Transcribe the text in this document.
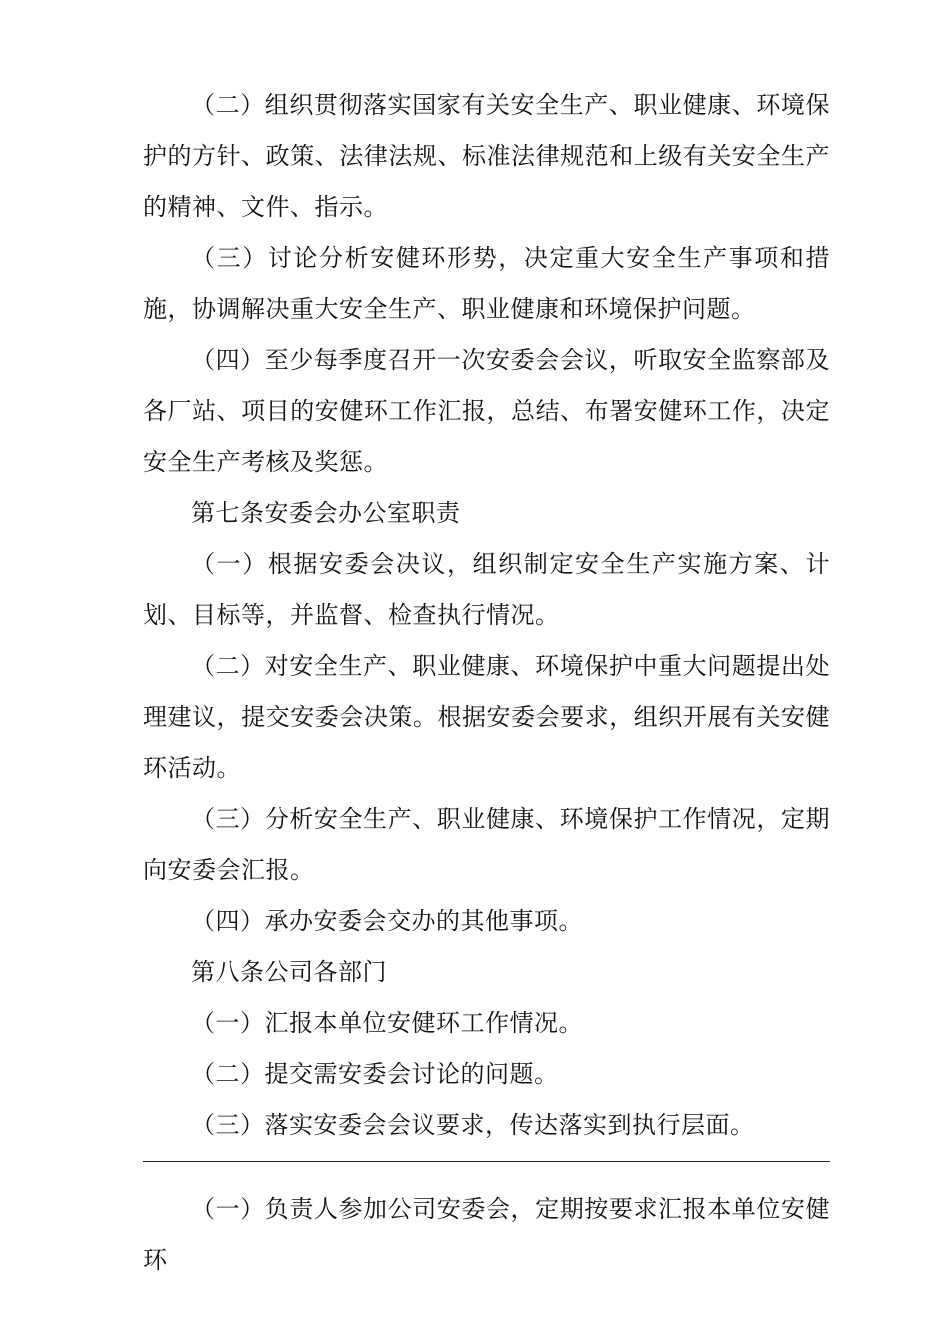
（二）组织贯彻落实国家有关安全生产、职业健康、环境保护的方针、政策、法律法规、标准法律规范和上级有关安全生产的精神、文件、指示。

（三）讨论分析安健环形势，决定重大安全生产事项和措施，协调解决重大安全生产、职业健康和环境保护问题。

（四）至少每季度召开一次安委会会议，听取安全监察部及各厂站、项目的安健环工作汇报，总结、布署安健环工作，决定安全生产考核及奖惩。

第七条安委会办公室职责

（一）根据安委会决议，组织制定安全生产实施方案、计划、目标等，并监督、检查执行情况。

（二）对安全生产、职业健康、环境保护中重大问题提出处理建议，提交安委会决策。根据安委会要求，组织开展有关安健环活动。

（三）分析安全生产、职业健康、环境保护工作情况，定期向安委会汇报。

（四）承办安委会交办的其他事项。

第八条公司各部门

（一）汇报本单位安健环工作情况。

（二）提交需安委会讨论的问题。

（三）落实安委会会议要求，传达落实到执行层面。

（一）负责人参加公司安委会，定期按要求汇报本单位安健环
